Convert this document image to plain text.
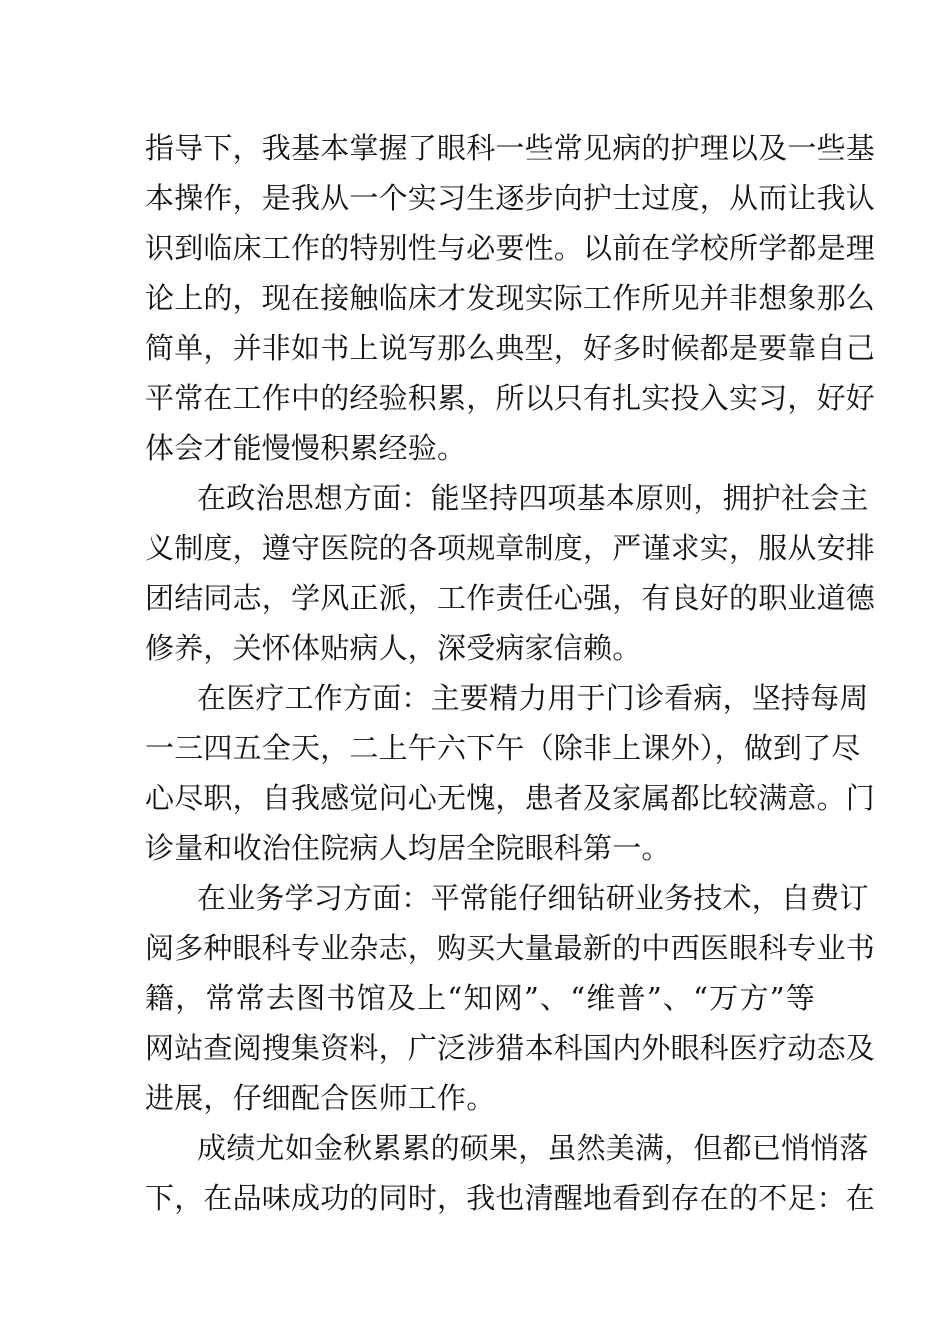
指导下，我基本掌握了眼科一些常见病的护理以及一些基
本操作，是我从一个实习生逐步向护士过度，从而让我认
识到临床工作的特别性与必要性。以前在学校所学都是理
论上的，现在接触临床才发现实际工作所见并非想象那么
简单，并非如书上说写那么典型，好多时候都是要靠自己
平常在工作中的经验积累，所以只有扎实投入实习，好好
体会才能慢慢积累经验。
在政治思想方面：能坚持四项基本原则，拥护社会主
义制度，遵守医院的各项规章制度，严谨求实，服从安排
团结同志，学风正派，工作责任心强，有良好的职业道德
修养，关怀体贴病人，深受病家信赖。
在医疗工作方面：主要精力用于门诊看病，坚持每周
一三四五全天，二上午六下午（除非上课外），做到了尽
心尽职，自我感觉问心无愧，患者及家属都比较满意。门
诊量和收治住院病人均居全院眼科第一。
在业务学习方面：平常能仔细钻研业务技术，自费订
阅多种眼科专业杂志，购买大量最新的中西医眼科专业书
籍，常常去图书馆及上“知网”、“维普”、“万方”等
网站查阅搜集资料，广泛涉猎本科国内外眼科医疗动态及
进展，仔细配合医师工作。
成绩尤如金秋累累的硕果，虽然美满，但都已悄悄落
下，在品味成功的同时，我也清醒地看到存在的不足：在
